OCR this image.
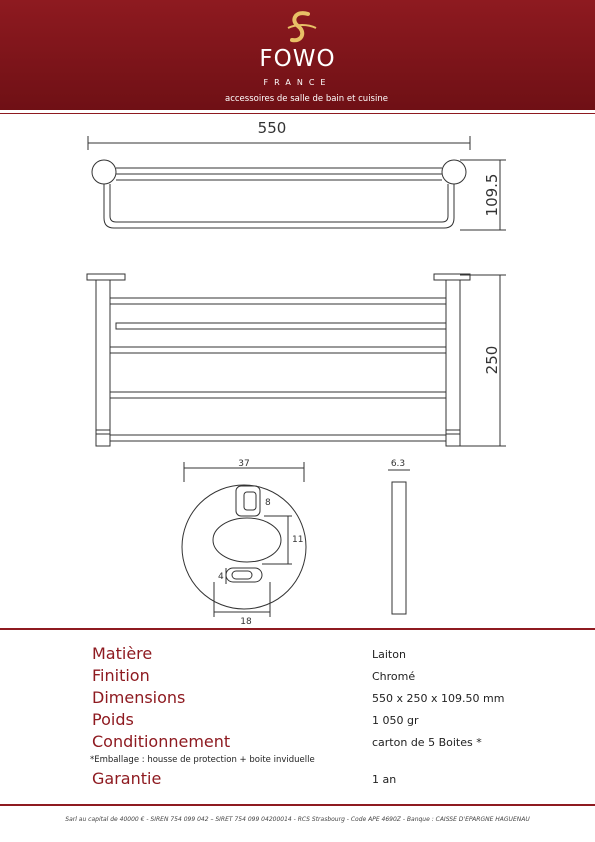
FOWO
FRANCE
accessoires de salle de bain et cuisine
550
109.5
250
37	6.3
8
11
4
18
Matière	Laiton
Finition	Chromé
Dimensions	550 x 250 x 109.50 mm
Poids	1 050 gr
Conditionnement	carton de 5 Boites *
*Emballage : housse de protection + boite inviduelle
Garantie	1 an
Sarl au capital de 40000 € - SIREN 754 099 042 – SIRET 754 099 04200014 - RCS Strasbourg - Code APE 4690Z - Banque : CAISSE D'EPARGNE HAGUENAU
